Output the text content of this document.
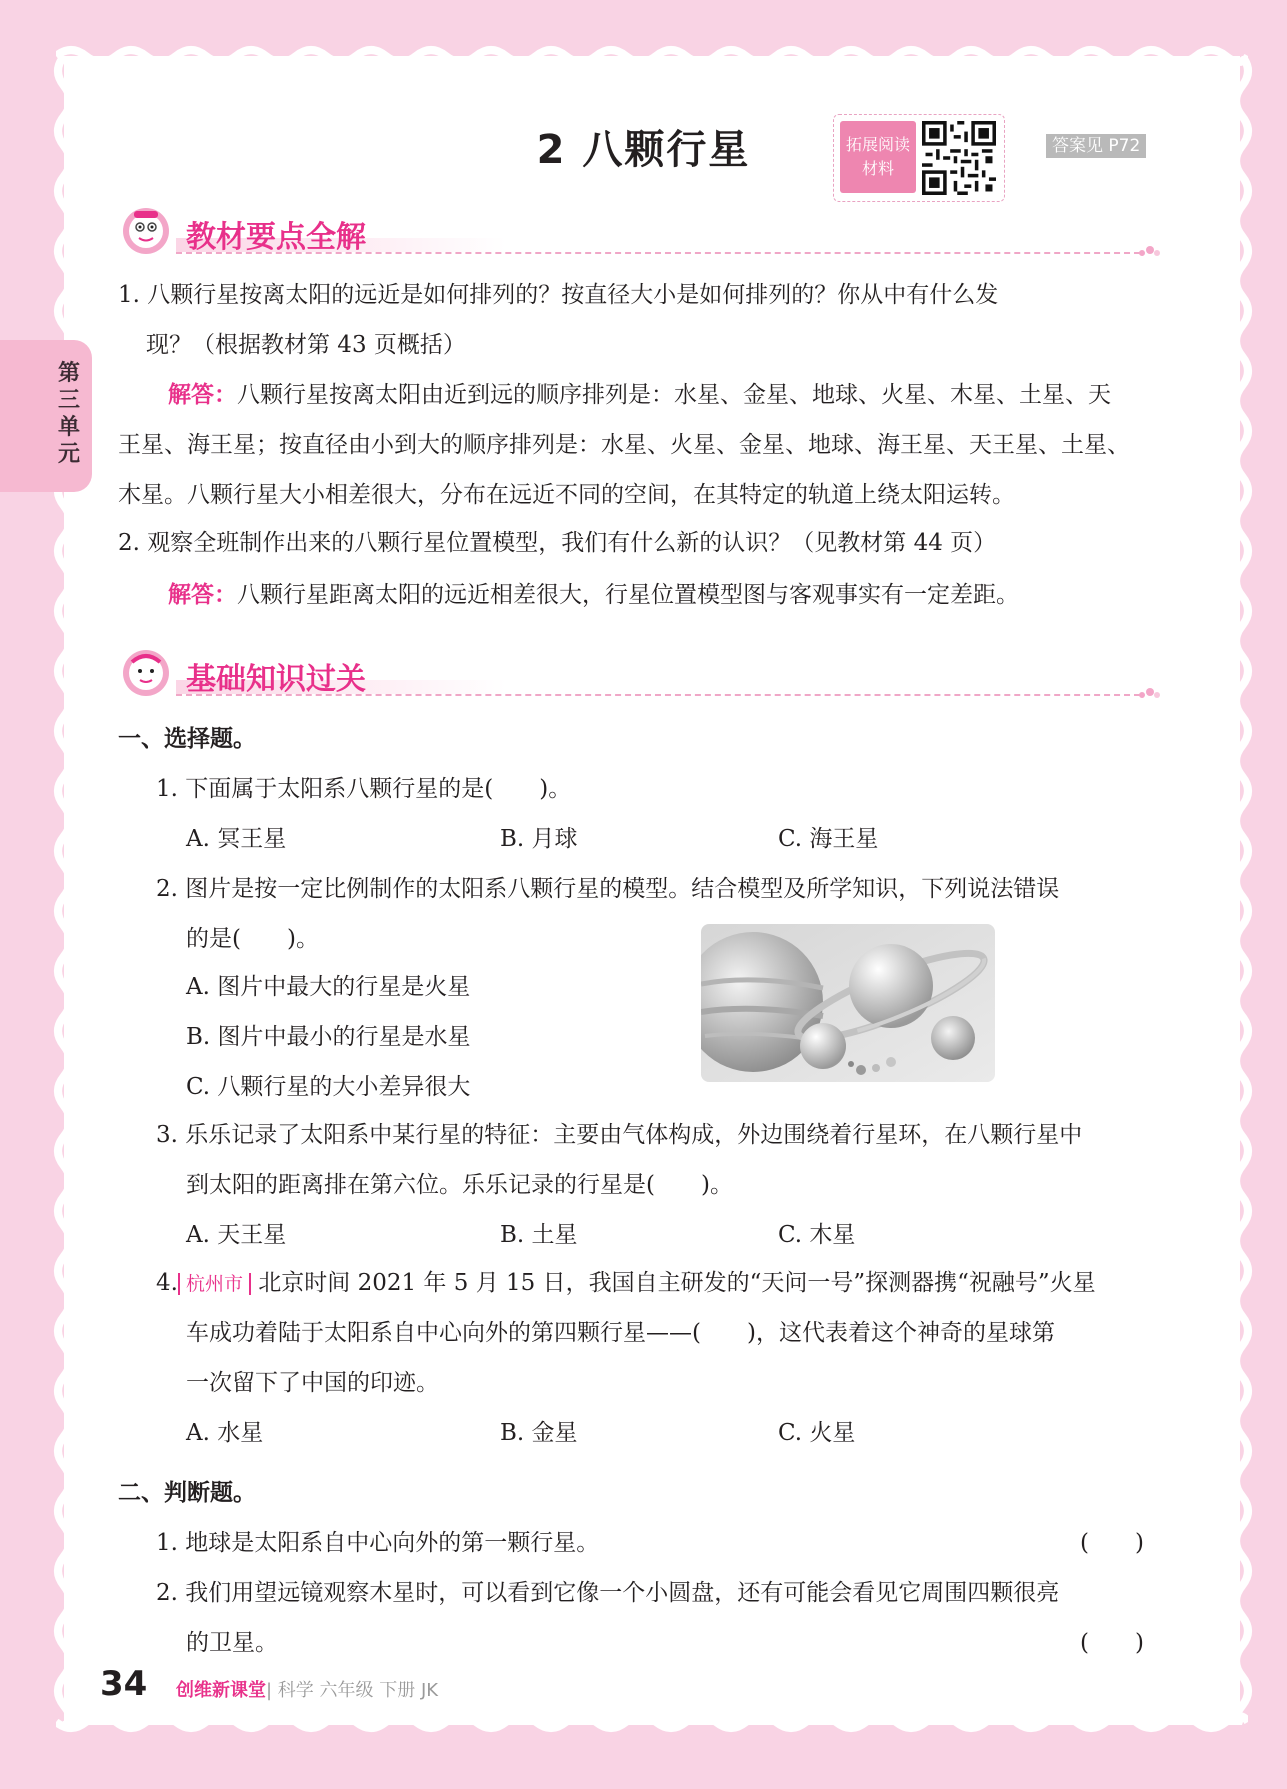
2 八颗行星	拓展阅读
材料
答案见 P72
第三单元
教材要点全解
1. 八颗行星按离太阳的远近是如何排列的？按直径大小是如何排列的？你从中有什么发
现？（根据教材第 43 页概括）
解答：八颗行星按离太阳由近到远的顺序排列是：水星、金星、地球、火星、木星、土星、天
王星、海王星；按直径由小到大的顺序排列是：水星、火星、金星、地球、海王星、天王星、土星、
木星。八颗行星大小相差很大，分布在远近不同的空间，在其特定的轨道上绕太阳运转。
2. 观察全班制作出来的八颗行星位置模型，我们有什么新的认识？（见教材第 44 页）
解答：八颗行星距离太阳的远近相差很大，行星位置模型图与客观事实有一定差距。
基础知识过关
一、选择题。
1. 下面属于太阳系八颗行星的是(　　)。
A. 冥王星	B. 月球	C. 海王星
2. 图片是按一定比例制作的太阳系八颗行星的模型。结合模型及所学知识，下列说法错误
的是(　　)。
A. 图片中最大的行星是火星
B. 图片中最小的行星是水星
C. 八颗行星的大小差异很大
3. 乐乐记录了太阳系中某行星的特征：主要由气体构成，外边围绕着行星环，在八颗行星中
到太阳的距离排在第六位。乐乐记录的行星是(　　)。
A. 天王星	B. 土星	C. 木星
4. 杭州市 北京时间 2021 年 5 月 15 日，我国自主研发的“天问一号”探测器携“祝融号”火星
车成功着陆于太阳系自中心向外的第四颗行星——(　　)，这代表着这个神奇的星球第
一次留下了中国的印迹。
A. 水星	B. 金星	C. 火星
二、判断题。
1. 地球是太阳系自中心向外的第一颗行星。	(　　)
2. 我们用望远镜观察木星时，可以看到它像一个小圆盘，还有可能会看见它周围四颗很亮
的卫星。	(　　)
34 创维新课堂| 科学 六年级 下册 JK
